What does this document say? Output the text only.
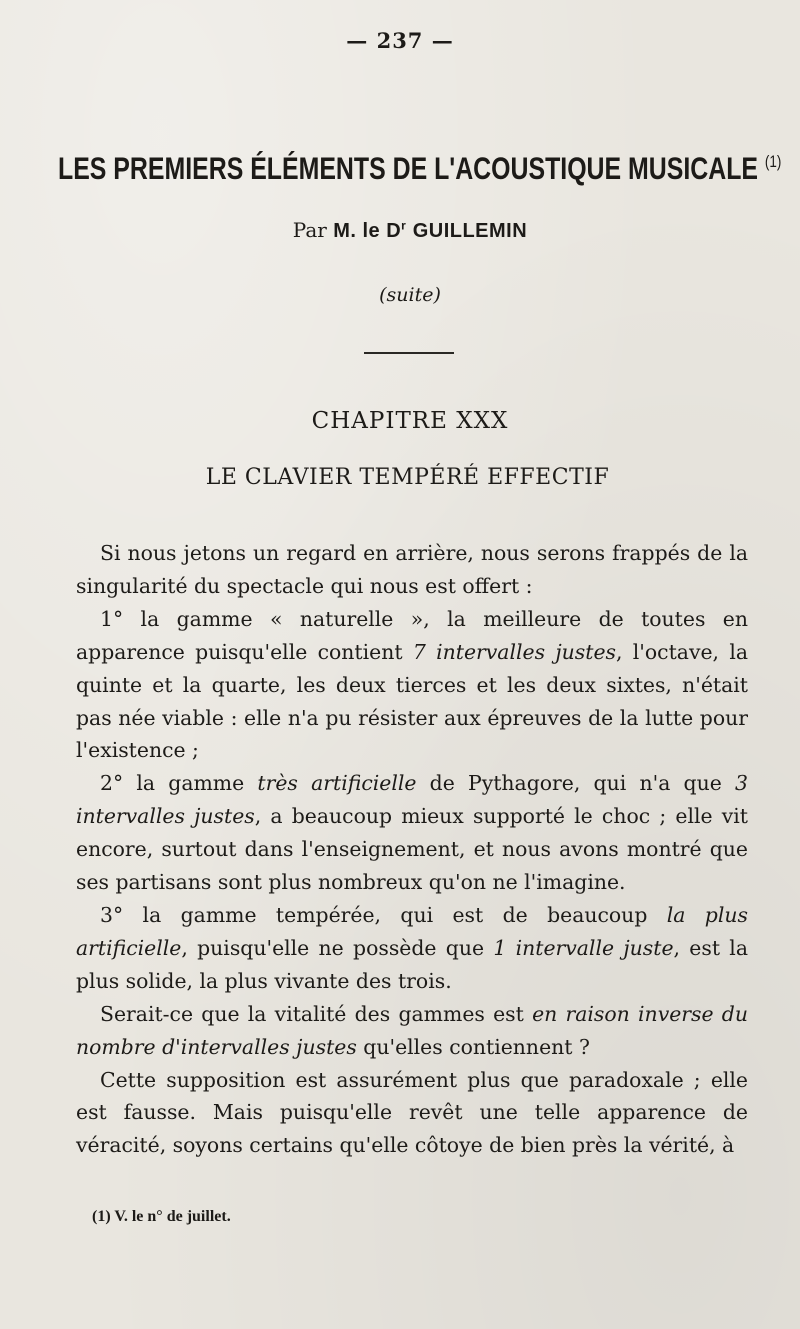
— 237 —
LES PREMIERS ÉLÉMENTS DE L'ACOUSTIQUE MUSICALE $^{(1)}$
Par M. le $D^r$ GUILLEMIN
(suite)
CHAPITRE XXX
LE CLAVIER TEMPÉRÉ EFFECTIF

Si nous jetons un regard en arrière, nous serons frappés de la singularité du spectacle qui nous est offert :

1° la gamme « naturelle », la meilleure de toutes en apparence puisqu'elle contient 7 intervalles justes, l'octave, la quinte et la quarte, les deux tierces et les deux sixtes, n'était pas née viable : elle n'a pu résister aux épreuves de la lutte pour l'existence ;

2° la gamme très artificielle de Pythagore, qui n'a que 3 intervalles justes, a beaucoup mieux supporté le choc ; elle vit encore, surtout dans l'enseignement, et nous avons montré que ses partisans sont plus nombreux qu'on ne l'imagine.

3° la gamme tempérée, qui est de beaucoup la plus artificielle, puisqu'elle ne possède que 1 intervalle juste, est la plus solide, la plus vivante des trois.

Serait-ce que la vitalité des gammes est en raison inverse du nombre d'intervalles justes qu'elles contiennent ?

Cette supposition est assurément plus que paradoxale ; elle est fausse. Mais puisqu'elle revêt une telle apparence de véracité, soyons certains qu'elle côtoye de bien près la vérité, à

(1) V. le n° de juillet.
